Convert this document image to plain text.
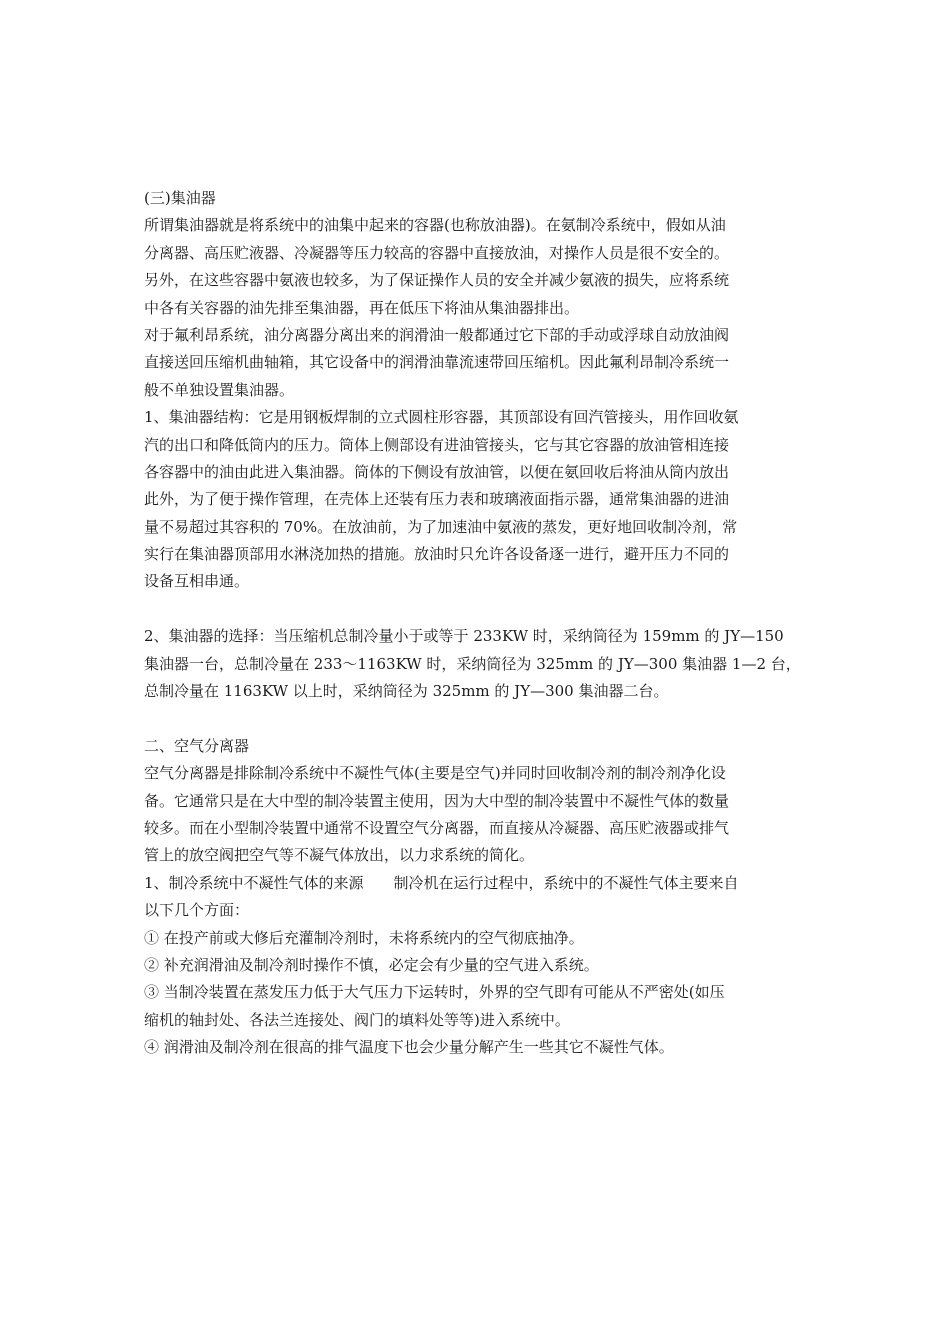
(三)集油器
所谓集油器就是将系统中的油集中起来的容器(也称放油器)。在氨制冷系统中，假如从油
分离器、高压贮液器、冷凝器等压力较高的容器中直接放油，对操作人员是很不安全的。
另外，在这些容器中氨液也较多，为了保证操作人员的安全并减少氨液的损失，应将系统
中各有关容器的油先排至集油器，再在低压下将油从集油器排出。
对于氟利昂系统，油分离器分离出来的润滑油一般都通过它下部的手动或浮球自动放油阀
直接送回压缩机曲轴箱，其它设备中的润滑油靠流速带回压缩机。因此氟利昂制冷系统一
般不单独设置集油器。
1、集油器结构：它是用钢板焊制的立式圆柱形容器，其顶部设有回汽管接头，用作回收氨
汽的出口和降低筒内的压力。筒体上侧部设有进油管接头，它与其它容器的放油管相连接
各容器中的油由此进入集油器。筒体的下侧设有放油管，以便在氨回收后将油从筒内放出
此外，为了便于操作管理，在壳体上还装有压力表和玻璃液面指示器，通常集油器的进油
量不易超过其容积的 70%。在放油前，为了加速油中氨液的蒸发，更好地回收制冷剂，常
实行在集油器顶部用水淋浇加热的措施。放油时只允许各设备逐一进行，避开压力不同的
设备互相串通。
2、集油器的选择：当压缩机总制冷量小于或等于 233KW 时，采纳筒径为 159mm 的 JY—150
集油器一台，总制冷量在 233～1163KW 时，采纳筒径为 325mm 的 JY—300 集油器 1—2 台，
总制冷量在 1163KW 以上时，采纳筒径为 325mm 的 JY—300 集油器二台。
二、空气分离器
空气分离器是排除制冷系统中不凝性气体(主要是空气)并同时回收制冷剂的制冷剂净化设
备。它通常只是在大中型的制冷装置主使用，因为大中型的制冷装置中不凝性气体的数量
较多。而在小型制冷装置中通常不设置空气分离器，而直接从冷凝器、高压贮液器或排气
管上的放空阀把空气等不凝气体放出，以力求系统的简化。
1、制冷系统中不凝性气体的来源　　制冷机在运行过程中，系统中的不凝性气体主要来自
以下几个方面：
① 在投产前或大修后充灌制冷剂时，未将系统内的空气彻底抽净。
② 补充润滑油及制冷剂时操作不慎，必定会有少量的空气进入系统。
③ 当制冷装置在蒸发压力低于大气压力下运转时，外界的空气即有可能从不严密处(如压
缩机的轴封处、各法兰连接处、阀门的填料处等等)进入系统中。
④ 润滑油及制冷剂在很高的排气温度下也会少量分解产生一些其它不凝性气体。
